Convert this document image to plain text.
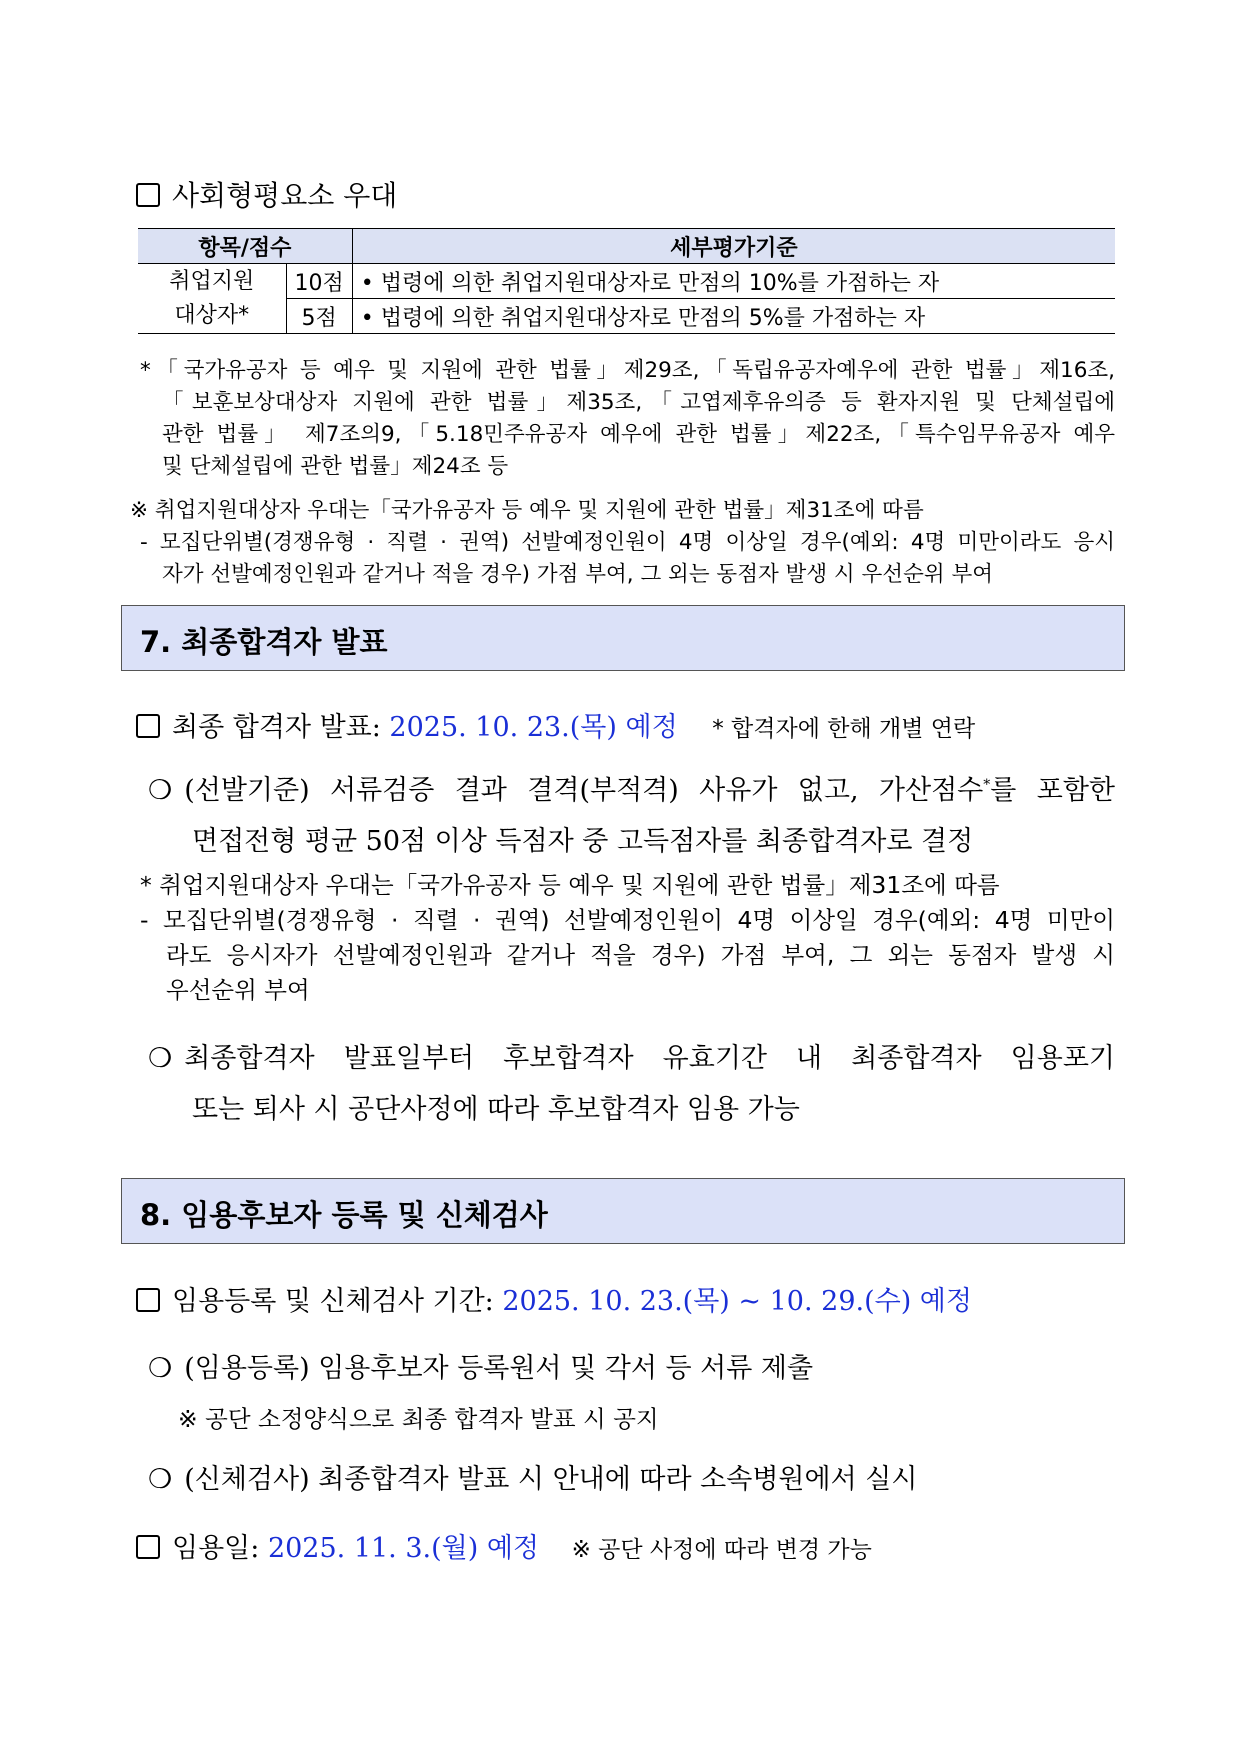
사회형평요소 우대
항목/점수		세부평가기준

취업지원
대상자*	10점	• 법령에 의한 취업지원대상자로 만점의 10%를 가점하는 자
	5점	• 법령에 의한 취업지원대상자로 만점의 5%를 가점하는 자
*「국가유공자 등 예우 및 지원에 관한 법률」제29조,「독립유공자예우에 관한 법률」제16조,
「보훈보상대상자 지원에 관한 법률」제35조,「고엽제후유의증 등 환자지원 및 단체설립에
관한 법률」 제7조의9,「5.18민주유공자 예우에 관한 법률」제22조,「특수임무유공자 예우
및 단체설립에 관한 법률」제24조 등
※ 취업지원대상자 우대는「국가유공자 등 예우 및 지원에 관한 법률」제31조에 따름
- 모집단위별(경쟁유형 · 직렬 · 권역) 선발예정인원이 4명 이상일 경우(예외: 4명 미만이라도 응시
자가 선발예정인원과 같거나 적을 경우) 가점 부여, 그 외는 동점자 발생 시 우선순위 부여
7. 최종합격자 발표
최종 합격자 발표: 2025. 10. 23.(목) 예정 * 합격자에 한해 개별 연락
❍ (선발기준) 서류검증 결과 결격(부적격) 사유가 없고, 가산점수*를 포함한
면접전형 평균 50점 이상 득점자 중 고득점자를 최종합격자로 결정
* 취업지원대상자 우대는「국가유공자 등 예우 및 지원에 관한 법률」제31조에 따름
- 모집단위별(경쟁유형 · 직렬 · 권역) 선발예정인원이 4명 이상일 경우(예외: 4명 미만이
라도 응시자가 선발예정인원과 같거나 적을 경우) 가점 부여, 그 외는 동점자 발생 시
우선순위 부여
❍ 최종합격자 발표일부터 후보합격자 유효기간 내 최종합격자 임용포기
또는 퇴사 시 공단사정에 따라 후보합격자 임용 가능
8. 임용후보자 등록 및 신체검사
임용등록 및 신체검사 기간: 2025. 10. 23.(목) ~ 10. 29.(수) 예정
❍ (임용등록) 임용후보자 등록원서 및 각서 등 서류 제출
※ 공단 소정양식으로 최종 합격자 발표 시 공지
❍ (신체검사) 최종합격자 발표 시 안내에 따라 소속병원에서 실시
임용일: 2025. 11. 3.(월) 예정 ※ 공단 사정에 따라 변경 가능
